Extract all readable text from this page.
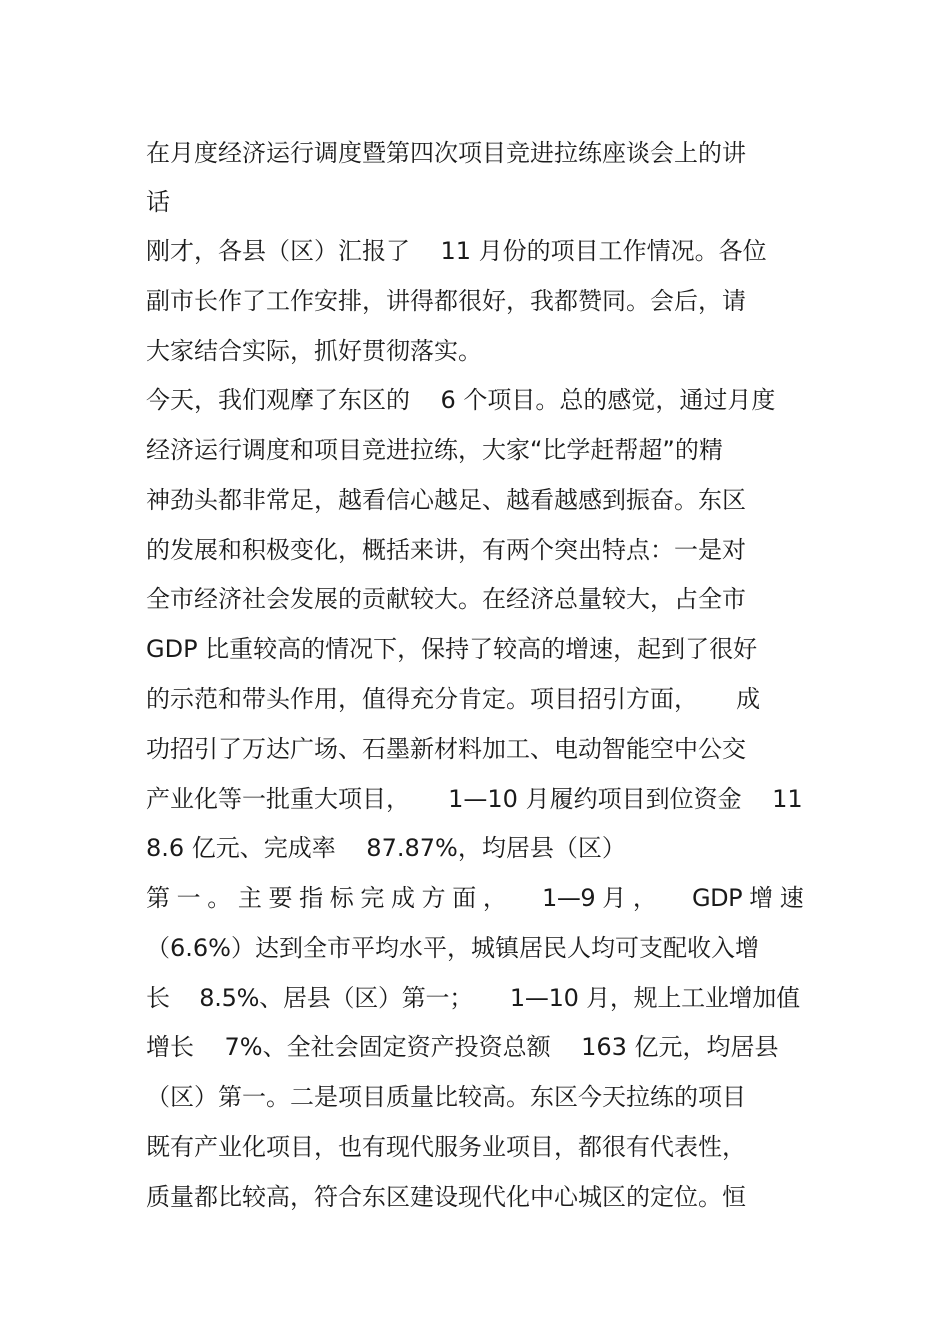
在月度经济运行调度暨第四次项目竞进拉练座谈会上的讲
话
刚才，各县（区）汇报了    11 月份的项目工作情况。各位
副市长作了工作安排，讲得都很好，我都赞同。会后，请
大家结合实际，抓好贯彻落实。
今天，我们观摩了东区的    6 个项目。总的感觉，通过月度
经济运行调度和项目竞进拉练，大家“比学赶帮超”的精
神劲头都非常足，越看信心越足、越看越感到振奋。东区
的发展和积极变化，概括来讲，有两个突出特点：一是对
全市经济社会发展的贡献较大。在经济总量较大，占全市
GDP 比重较高的情况下，保持了较高的增速，起到了很好
的示范和带头作用，值得充分肯定。项目招引方面，     成
功招引了万达广场、石墨新材料加工、电动智能空中公交
产业化等一批重大项目，     1—10 月履约项目到位资金    11
8.6 亿元、完成率    87.87%，均居县（区）
第 一 。 主 要 指 标 完 成 方 面 ，     1—9 月 ，     GDP 增 速
（6.6%）达到全市平均水平，城镇居民人均可支配收入增
长    8.5%、居县（区）第一；     1—10 月，规上工业增加值
增长    7%、全社会固定资产投资总额    163 亿元，均居县
（区）第一。二是项目质量比较高。东区今天拉练的项目
既有产业化项目，也有现代服务业项目，都很有代表性，
质量都比较高，符合东区建设现代化中心城区的定位。恒
